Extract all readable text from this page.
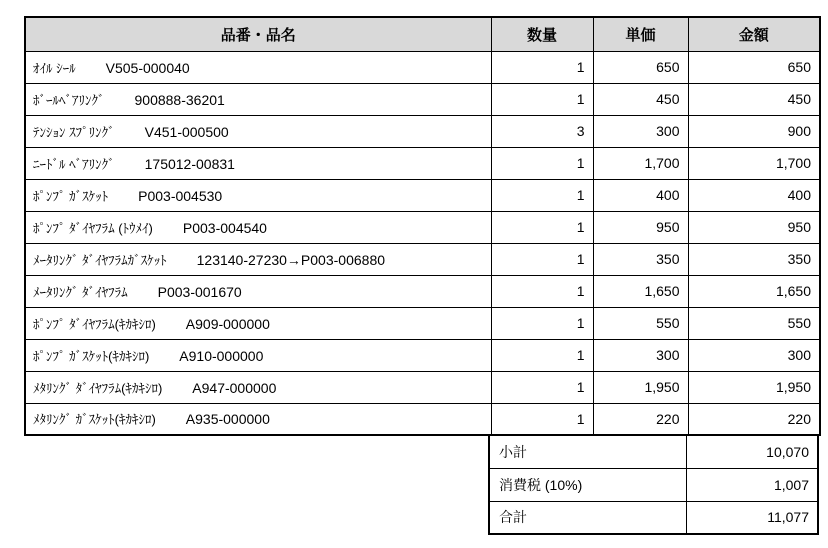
品番・品名	数量	単価	金額
ｵｲﾙ ｼｰﾙ V505-000040	1	650	650
ﾎﾞｰﾙﾍﾞｱﾘﾝｸﾞ 900888-36201	1	450	450
ﾃﾝｼｮﾝ ｽﾌﾟﾘﾝｸﾞ V451-000500	3	300	900
ﾆｰﾄﾞﾙ ﾍﾞｱﾘﾝｸﾞ 175012-00831	1	1,700	1,700
ﾎﾟﾝﾌﾟ ｶﾞｽｹｯﾄ P003-004530	1	400	400
ﾎﾟﾝﾌﾟ ﾀﾞｲﾔﾌﾗﾑ (ﾄｳﾒｲ) P003-004540	1	950	950
ﾒｰﾀﾘﾝｸﾞ ﾀﾞｲﾔﾌﾗﾑｶﾞｽｹｯﾄ 123140-27230→P003-006880	1	350	350
ﾒｰﾀﾘﾝｸﾞ ﾀﾞｲﾔﾌﾗﾑ P003-001670	1	1,650	1,650
ﾎﾟﾝﾌﾟ ﾀﾞｲﾔﾌﾗﾑ(ｷｶｷｼﾛ) A909-000000	1	550	550
ﾎﾟﾝﾌﾟ ｶﾞｽｹｯﾄ(ｷｶｷｼﾛ) A910-000000	1	300	300
ﾒﾀﾘﾝｸﾞ ﾀﾞｲﾔﾌﾗﾑ(ｷｶｷｼﾛ) A947-000000	1	1,950	1,950
ﾒﾀﾘﾝｸﾞ ｶﾞｽｹｯﾄ(ｷｶｷｼﾛ) A935-000000	1	220	220
小計	10,070
消費税 (10%)	1,007
合計	11,077
